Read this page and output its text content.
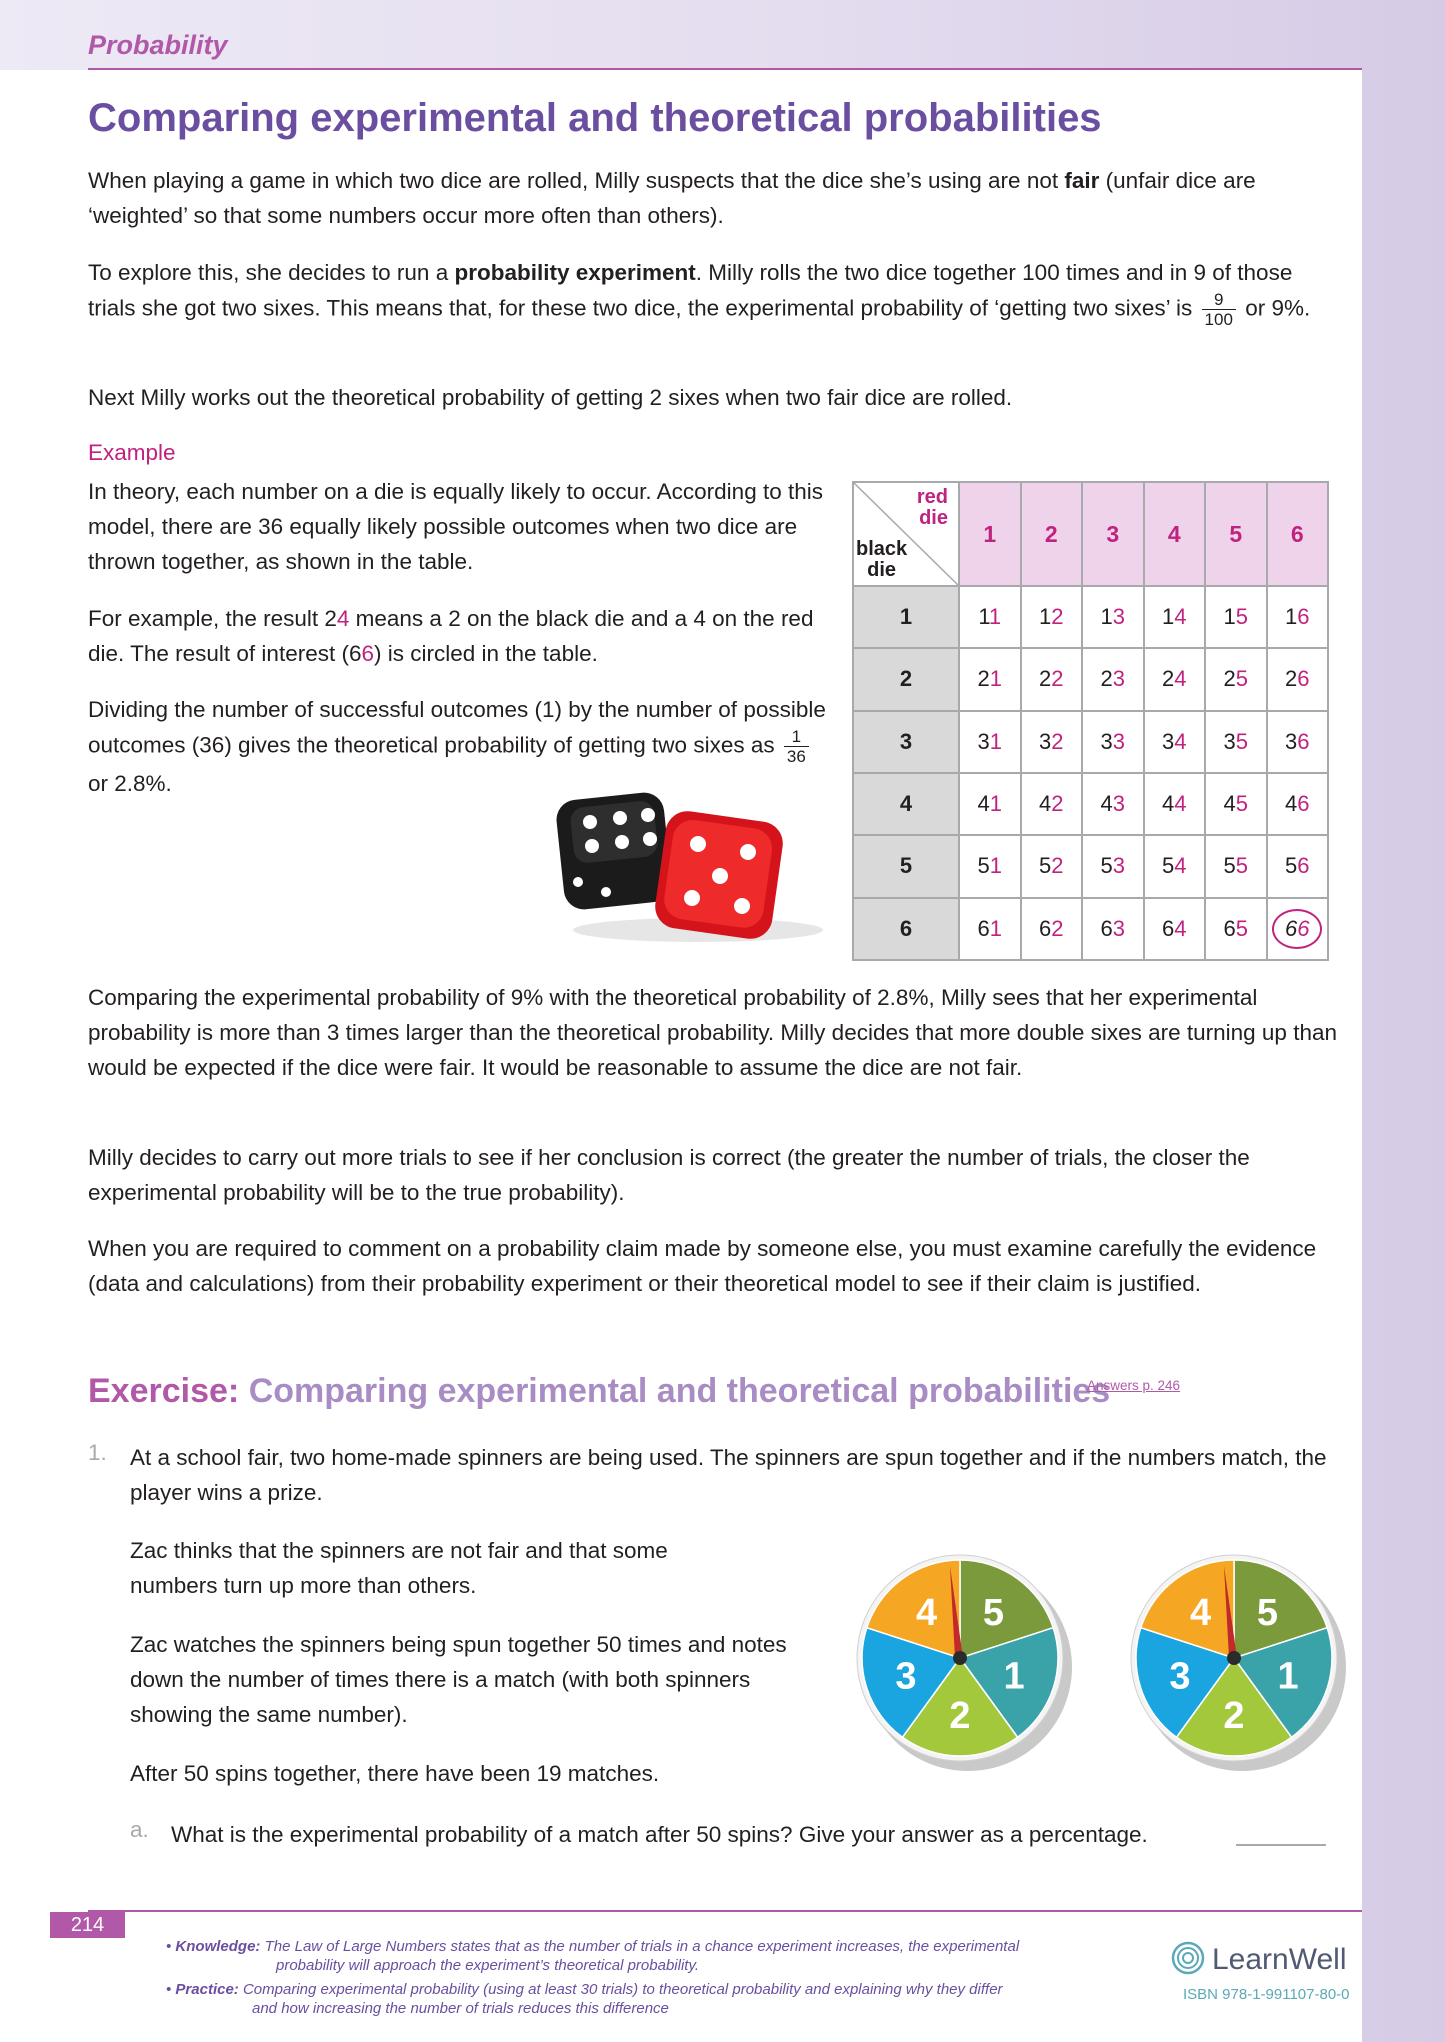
Probability
Comparing experimental and theoretical probabilities
When playing a game in which two dice are rolled, Milly suspects that the dice she’s using are not fair (unfair dice are ‘weighted’ so that some numbers occur more often than others).
To explore this, she decides to run a probability experiment. Milly rolls the two dice together 100 times and in 9 of those trials she got two sixes. This means that, for these two dice, the experimental probability of ‘getting two sixes’ is $\frac{9}{100}$ or 9%.
Next Milly works out the theoretical probability of getting 2 sixes when two fair dice are rolled.
Example
In theory, each number on a die is equally likely to occur. According to this model, there are 36 equally likely possible outcomes when two dice are thrown together, as shown in the table.
For example, the result 24 means a 2 on the black die and a 4 on the red die. The result of interest (66) is circled in the table.
Dividing the number of successful outcomes (1) by the number of possible outcomes (36) gives the theoretical probability of getting two sixes as $\frac{1}{36}$
or 2.8%.
red
die
black
die
1	2	3	4	5	6
1	11 12 13 14 15 16
2	21 22 23 24 25 26
3	31 32 33 34 35 36
4	41 42 43 44 45 46
5	51 52 53 54 55 56
6	61 62 63 64 65 6 6
Comparing the experimental probability of 9% with the theoretical probability of 2.8%, Milly sees that her experimental probability is more than 3 times larger than the theoretical probability. Milly decides that more double sixes are turning up than would be expected if the dice were fair. It would be reasonable to assume the dice are not fair.
Milly decides to carry out more trials to see if her conclusion is correct (the greater the number of trials, the closer the experimental probability will be to the true probability).
When you are required to comment on a probability claim made by someone else, you must examine carefully the evidence (data and calculations) from their probability experiment or their theoretical model to see if their claim is justified.
Exercise: Comparing experimental and theoretical probabilities
Answers p. 246
1. At a school fair, two home-made spinners are being used. The spinners are spun together and if the numbers match, the player wins a prize.
Zac thinks that the spinners are not fair and that some numbers turn up more than others.
Zac watches the spinners being spun together 50 times and notes down the number of times there is a match (with both spinners showing the same number).
After 50 spins together, there have been 19 matches.
5
1
2
3
4	5
1
2
3
4
a. What is the experimental probability of a match after 50 spins? Give your answer as a percentage.
214
• Knowledge: The Law of Large Numbers states that as the number of trials in a chance experiment increases, the experimental
probability will approach the experiment’s theoretical probability.
• Practice: Comparing experimental probability (using at least 30 trials) to theoretical probability and explaining why they differ
and how increasing the number of trials reduces this difference
LearnWell
ISBN 978-1-991107-80-0
